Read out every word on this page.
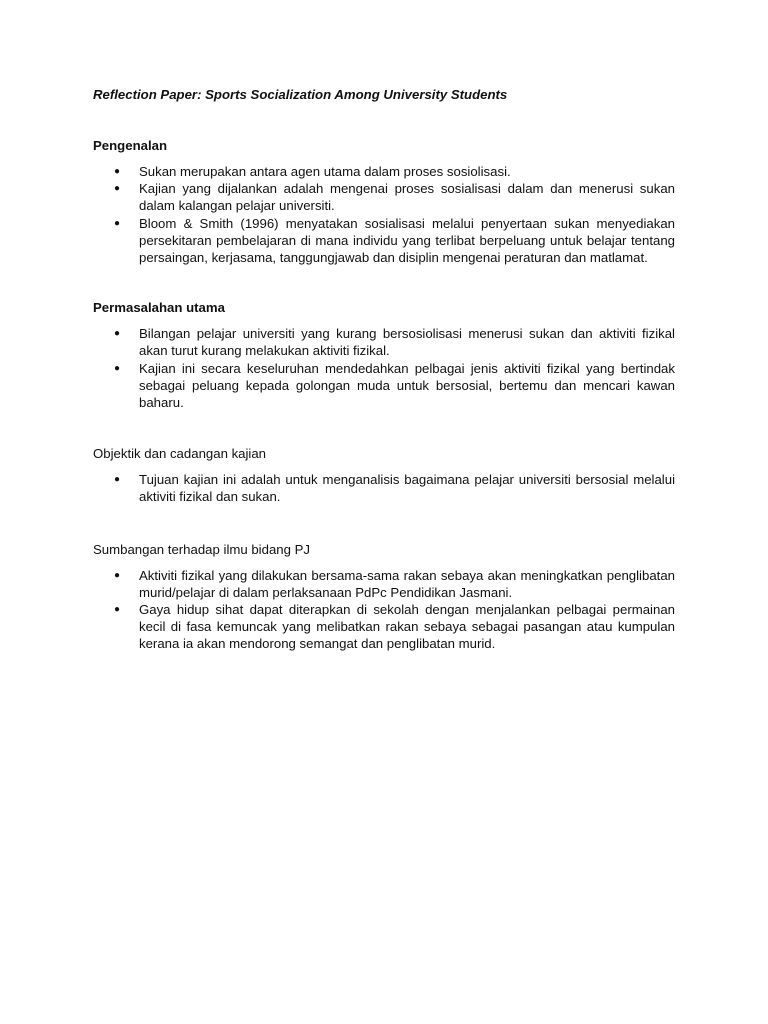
Reflection Paper: Sports Socialization Among University Students

Pengenalan

● Sukan merupakan antara agen utama dalam proses sosiolisasi.
● Kajian yang dijalankan adalah mengenai proses sosialisasi dalam dan menerusi sukan dalam kalangan pelajar universiti.
● Bloom & Smith (1996) menyatakan sosialisasi melalui penyertaan sukan menyediakan persekitaran pembelajaran di mana individu yang terlibat berpeluang untuk belajar tentang persaingan, kerjasama, tanggungjawab dan disiplin mengenai peraturan dan matlamat.

Permasalahan utama

● Bilangan pelajar universiti yang kurang bersosiolisasi menerusi sukan dan aktiviti fizikal akan turut kurang melakukan aktiviti fizikal.
● Kajian ini secara keseluruhan mendedahkan pelbagai jenis aktiviti fizikal yang bertindak sebagai peluang kepada golongan muda untuk bersosial, bertemu dan mencari kawan baharu.

Objektik dan cadangan kajian

● Tujuan kajian ini adalah untuk menganalisis bagaimana pelajar universiti bersosial melalui aktiviti fizikal dan sukan.

Sumbangan terhadap ilmu bidang PJ

● Aktiviti fizikal yang dilakukan bersama-sama rakan sebaya akan meningkatkan penglibatan murid/pelajar di dalam perlaksanaan PdPc Pendidikan Jasmani.
● Gaya hidup sihat dapat diterapkan di sekolah dengan menjalankan pelbagai permainan kecil di fasa kemuncak yang melibatkan rakan sebaya sebagai pasangan atau kumpulan kerana ia akan mendorong semangat dan penglibatan murid.
